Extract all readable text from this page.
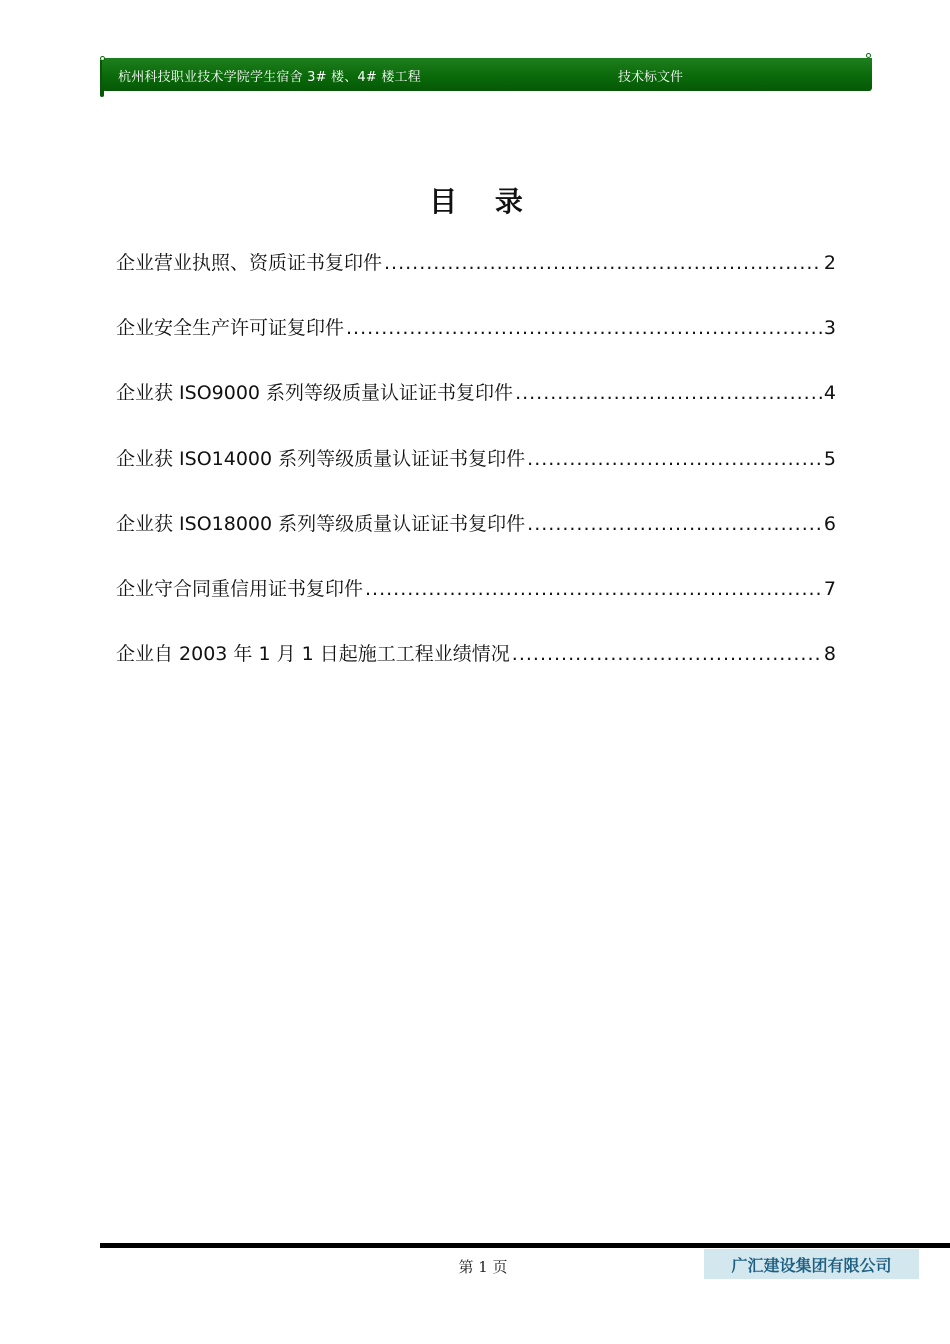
杭州科技职业技术学院学生宿舍 3# 楼、4# 楼工程	技术标文件
目 录
企业营业执照、资质证书复印件 .....	2
企业安全生产许可证复印件 .....	3
企业获 ISO9000 系列等级质量认证证书复印件 .....	4
企业获 ISO14000 系列等级质量认证证书复印件 .....	5
企业获 ISO18000 系列等级质量认证证书复印件 .....	6
企业守合同重信用证书复印件 .....	7
企业自 2003 年 1 月 1 日起施工工程业绩情况 .....	8
第 1 页	广汇建设集团有限公司
